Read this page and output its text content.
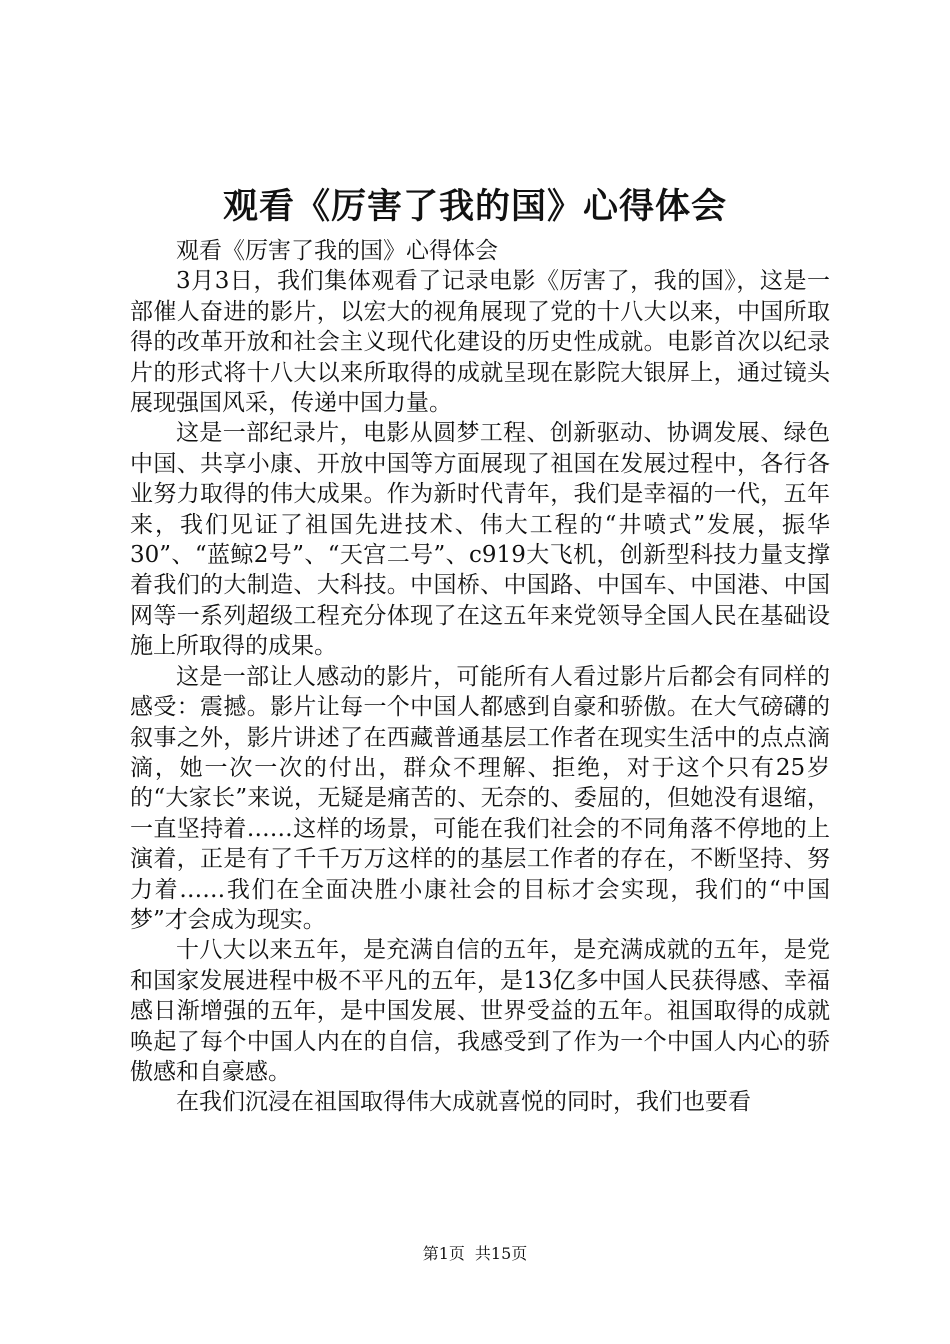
观看《厉害了我的国》心得体会

观看《厉害了我的国》心得体会

3月3日，我们集体观看了记录电影《厉害了，我的国》，这是一部催人奋进的影片，以宏大的视角展现了党的十八大以来，中国所取得的改革开放和社会主义现代化建设的历史性成就。电影首次以纪录片的形式将十八大以来所取得的成就呈现在影院大银屏上，通过镜头展现强国风采，传递中国力量。

这是一部纪录片，电影从圆梦工程、创新驱动、协调发展、绿色中国、共享小康、开放中国等方面展现了祖国在发展过程中，各行各业努力取得的伟大成果。作为新时代青年，我们是幸福的一代，五年来，我们见证了祖国先进技术、伟大工程的“井喷式”发展，振华30”、“蓝鲸2号”、“天宫二号”、c919大飞机，创新型科技力量支撑着我们的大制造、大科技。中国桥、中国路、中国车、中国港、中国网等一系列超级工程充分体现了在这五年来党领导全国人民在基础设施上所取得的成果。

这是一部让人感动的影片，可能所有人看过影片后都会有同样的感受：震撼。影片让每一个中国人都感到自豪和骄傲。在大气磅礴的叙事之外，影片讲述了在西藏普通基层工作者在现实生活中的点点滴滴，她一次一次的付出，群众不理解、拒绝，对于这个只有25岁的“大家长”来说，无疑是痛苦的、无奈的、委屈的，但她没有退缩，一直坚持着……这样的场景，可能在我们社会的不同角落不停地的上演着，正是有了千千万万这样的的基层工作者的存在，不断坚持、努力着……我们在全面决胜小康社会的目标才会实现，我们的“中国梦”才会成为现实。

十八大以来五年，是充满自信的五年，是充满成就的五年，是党和国家发展进程中极不平凡的五年，是13亿多中国人民获得感、幸福感日渐增强的五年，是中国发展、世界受益的五年。祖国取得的成就唤起了每个中国人内在的自信，我感受到了作为一个中国人内心的骄傲感和自豪感。

在我们沉浸在祖国取得伟大成就喜悦的同时，我们也要看

第1页 共15页
